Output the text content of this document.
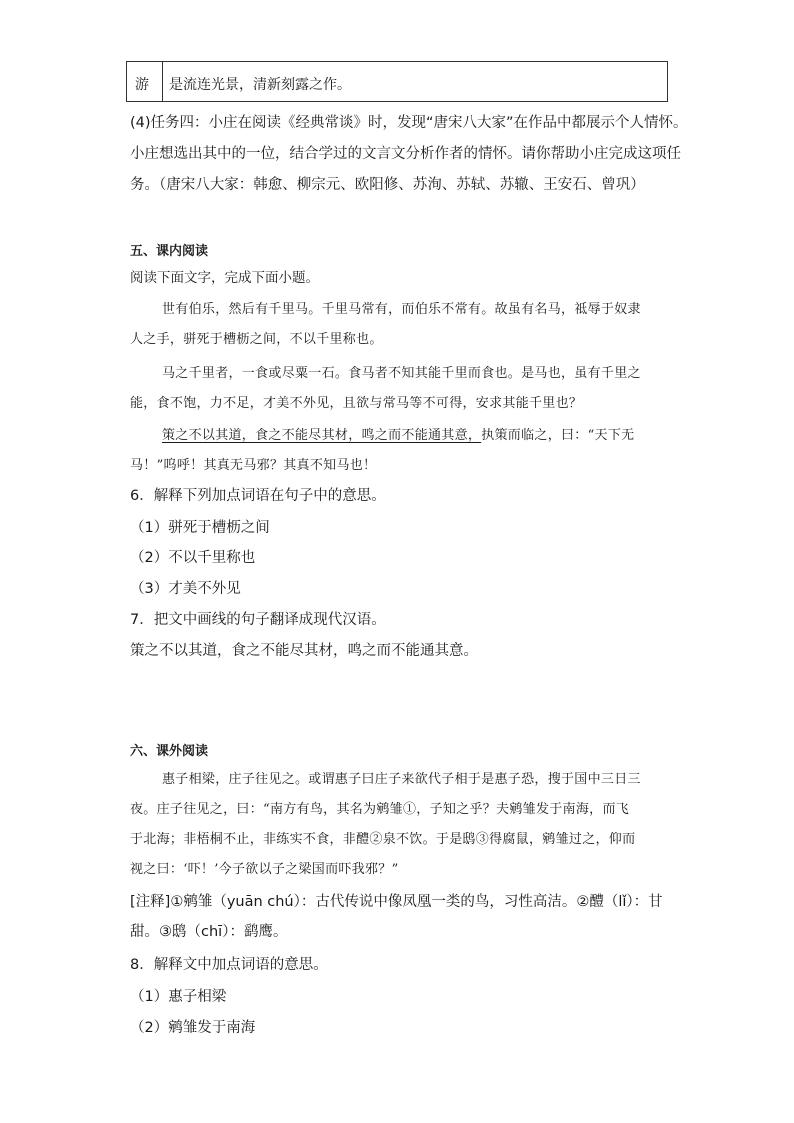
游 是流连光景，清新刻露之作。
(4)任务四：小庄在阅读《经典常谈》时，发现“唐宋八大家”在作品中都展示个人情怀。
小庄想选出其中的一位，结合学过的文言文分析作者的情怀。请你帮助小庄完成这项任
务。（唐宋八大家：韩愈、柳宗元、欧阳修、苏洵、苏轼、苏辙、王安石、曾巩）
五、课内阅读
阅读下面文字，完成下面小题。
世有伯乐，然后有千里马。千里马常有，而伯乐不常有。故虽有名马，祗辱于奴隶
人之手，骈死于槽枥之间，不以千里称也。
马之千里者，一食或尽粟一石。食马者不知其能千里而食也。是马也，虽有千里之
能，食不饱，力不足，才美不外见，且欲与常马等不可得，安求其能千里也？
策之不以其道，食之不能尽其材，鸣之而不能通其意，执策而临之，曰：“天下无
马！”呜呼！其真无马邪？其真不知马也！
6．解释下列加点词语在句子中的意思。
（1）骈死于槽枥之间
（2）不以千里称也
（3）才美不外见
7．把文中画线的句子翻译成现代汉语。
策之不以其道，食之不能尽其材，鸣之而不能通其意。
六、课外阅读
惠子相梁，庄子往见之。或谓惠子曰庄子来欲代子相于是惠子恐，搜于国中三日三
夜。庄子往见之，曰：“南方有鸟，其名为鹓雏①，子知之乎？夫鹓雏发于南海，而飞
于北海；非梧桐不止，非练实不食，非醴②泉不饮。于是鸱③得腐鼠，鹓雏过之，仰而
视之曰：‘吓！’今子欲以子之梁国而吓我邪？”
[注释]①鹓雏（yuān chú）：古代传说中像凤凰一类的鸟，习性高洁。②醴（lǐ）：甘
甜。③鸱（chī）：鹞鹰。
8．解释文中加点词语的意思。
（1）惠子相梁
（2）鹓雏发于南海
